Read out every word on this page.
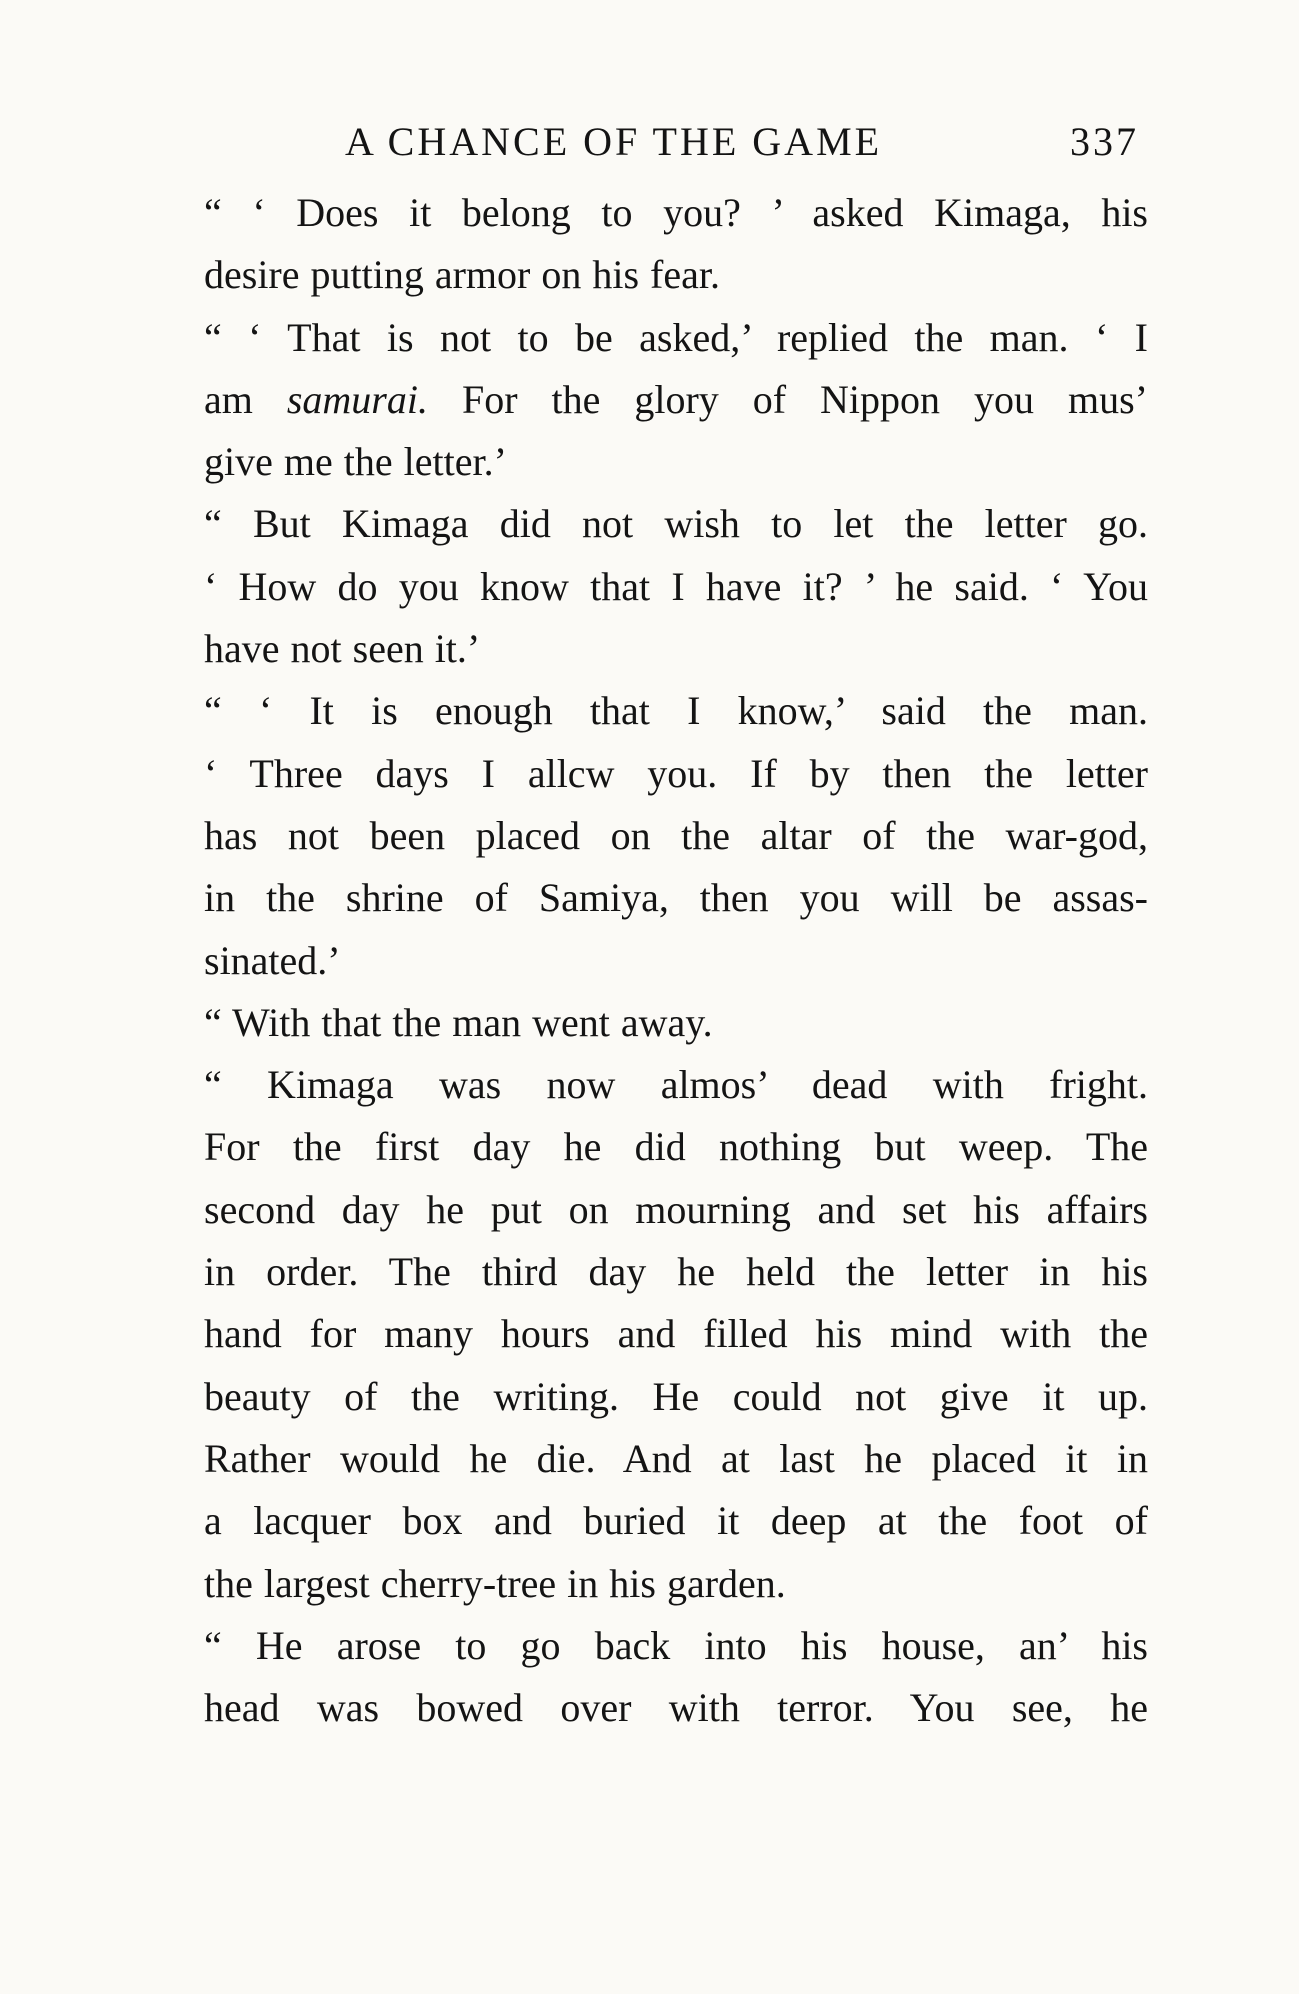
A CHANCE OF THE GAME	337
“ ‘ Does it belong to you? ’ asked Kimaga, his
desire putting armor on his fear.
“ ‘ That is not to be asked,’ replied the man. ‘ I
am samurai. For the glory of Nippon you mus’
give me the letter.’
“ But Kimaga did not wish to let the letter go.
‘ How do you know that I have it? ’ he said. ‘ You
have not seen it.’
“ ‘ It is enough that I know,’ said the man.
‘ Three days I allcw you. If by then the letter
has not been placed on the altar of the war-god,
in the shrine of Samiya, then you will be assas-
sinated.’
“ With that the man went away.
“ Kimaga was now almos’ dead with fright.
For the first day he did nothing but weep. The
second day he put on mourning and set his affairs
in order. The third day he held the letter in his
hand for many hours and filled his mind with the
beauty of the writing. He could not give it up.
Rather would he die. And at last he placed it in
a lacquer box and buried it deep at the foot of
the largest cherry-tree in his garden.
“ He arose to go back into his house, an’ his
head was bowed over with terror. You see, he
